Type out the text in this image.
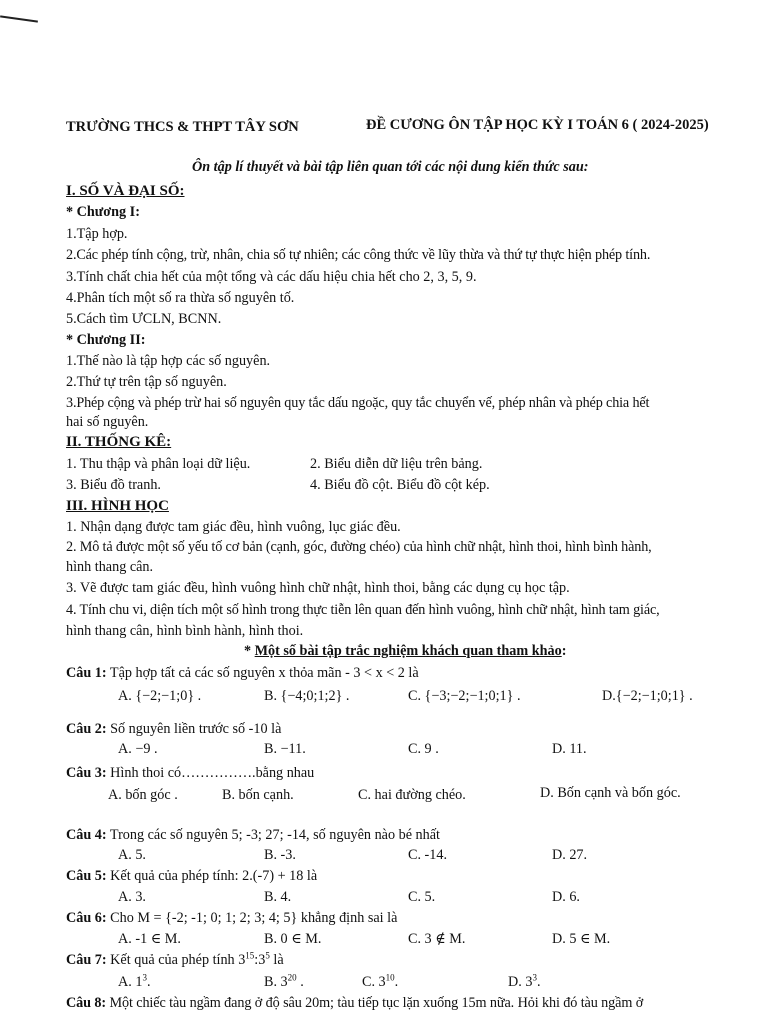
TRƯỜNG THCS & THPT TÂY SƠN	ĐỀ CƯƠNG ÔN TẬP HỌC KỲ I TOÁN 6 ( 2024-2025)
Ôn tập lí thuyết và bài tập liên quan tới các nội dung kiến thức sau:
I. SỐ VÀ ĐẠI SỐ:
* Chương I:
1.Tập hợp.
2.Các phép tính cộng, trừ, nhân, chia số tự nhiên; các công thức về lũy thừa và thứ tự thực hiện phép tính.
3.Tính chất chia hết của một tổng và các dấu hiệu chia hết cho 2, 3, 5, 9.
4.Phân tích một số ra thừa số nguyên tố.
5.Cách tìm ƯCLN, BCNN.
* Chương II:
1.Thế nào là tập hợp các số nguyên.
2.Thứ tự trên tập số nguyên.
3.Phép cộng và phép trừ hai số nguyên quy tắc dấu ngoặc, quy tắc chuyển vế, phép nhân và phép chia hết
hai số nguyên.
II. THỐNG KÊ:
1. Thu thập và phân loại dữ liệu.	2. Biểu diễn dữ liệu trên bảng.
3. Biểu đồ tranh.	4. Biểu đồ cột. Biểu đồ cột kép.
III. HÌNH HỌC
1. Nhận dạng được tam giác đều, hình vuông, lục giác đều.
2. Mô tả được một số yếu tố cơ bản (cạnh, góc, đường chéo) của hình chữ nhật, hình thoi, hình bình hành,
hình thang cân.
3. Vẽ được tam giác đều, hình vuông hình chữ nhật, hình thoi, bằng các dụng cụ học tập.
4. Tính chu vi, diện tích một số hình trong thực tiễn lên quan đến hình vuông, hình chữ nhật, hình tam giác,
hình thang cân, hình bình hành, hình thoi.
* Một số bài tập trắc nghiệm khách quan tham khảo:
Câu 1: Tập hợp tất cả các số nguyên x thỏa mãn - 3 < x < 2 là
A. {−2;−1;0} .	B. {−4;0;1;2} .	C. {−3;−2;−1;0;1} .	D.{−2;−1;0;1} .
Câu 2: Số nguyên liền trước số -10 là
A. −9 .	B. −11.	C. 9 .	D. 11.
Câu 3: Hình thoi có…………….bằng nhau
A. bốn góc .	B. bốn cạnh.	C. hai đường chéo.	D. Bốn cạnh và bốn góc.
Câu 4: Trong các số nguyên 5; -3; 27; -14, số nguyên nào bé nhất
A. 5.	B. -3.	C. -14.	D. 27.
Câu 5: Kết quả của phép tính: 2.(-7) + 18 là
A. 3.	B. 4.	C. 5.	D. 6.
Câu 6: Cho M = {-2; -1; 0; 1; 2; 3; 4; 5} khẳng định sai là
A. -1 ∈ M.	B. 0 ∈ M.	C. 3 ∉ M.	D. 5 ∈ M.
Câu 7: Kết quả của phép tính $3^{15}:3^5$ là
A. $1^3$.	B. $3^{20}$ .	C. $3^{10}$.	D. $3^3$.
Câu 8: Một chiếc tàu ngầm đang ở độ sâu 20m; tàu tiếp tục lặn xuống 15m nữa. Hỏi khi đó tàu ngầm ở
